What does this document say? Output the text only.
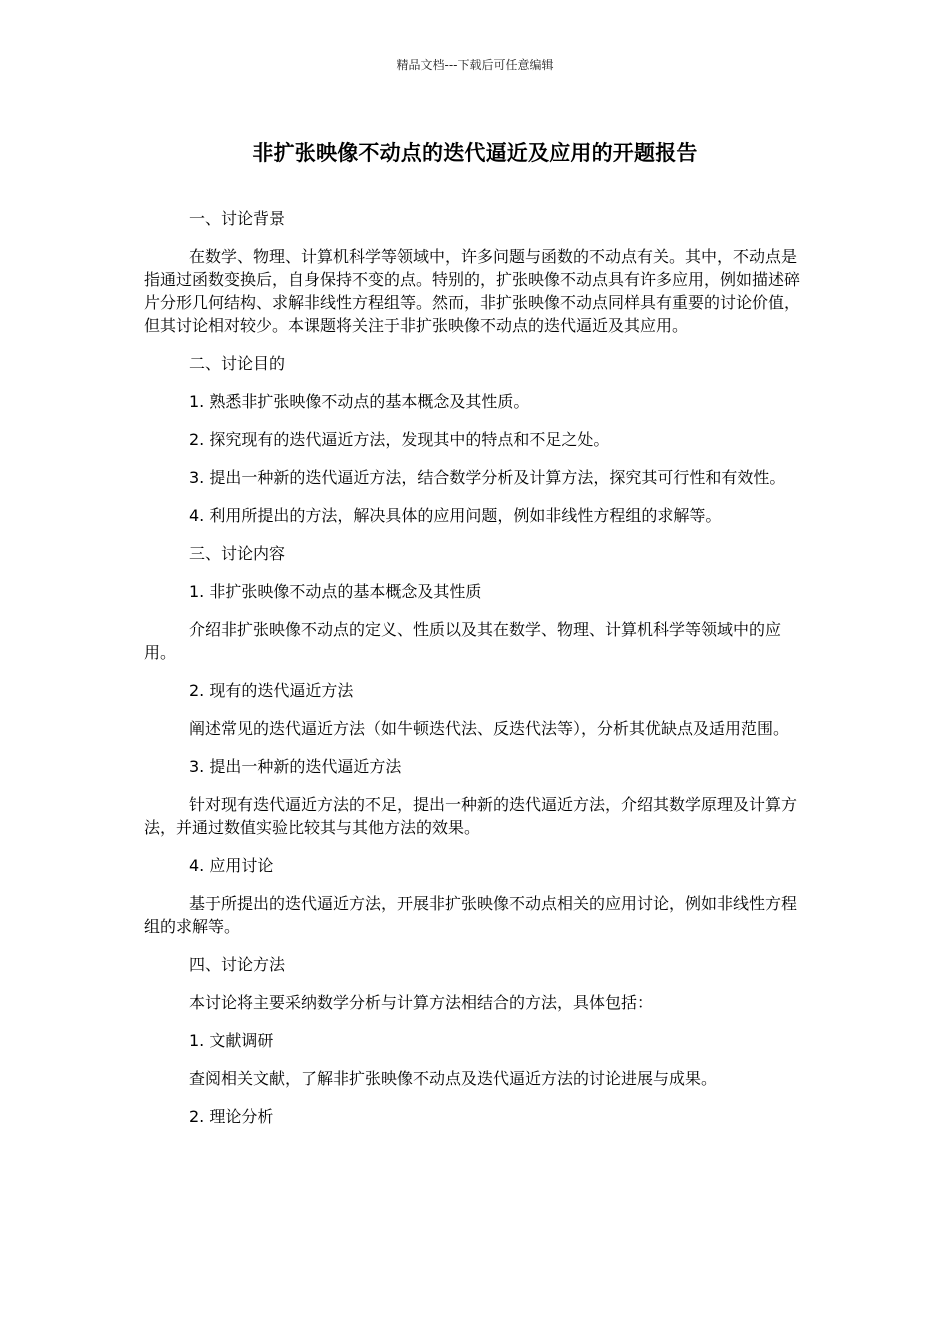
精品文档---下载后可任意编辑
非扩张映像不动点的迭代逼近及应用的开题报告

一、讨论背景

在数学、物理、计算机科学等领域中，许多问题与函数的不动点有关。其中，不动点是指通过函数变换后，自身保持不变的点。特别的，扩张映像不动点具有许多应用，例如描述碎片分形几何结构、求解非线性方程组等。然而，非扩张映像不动点同样具有重要的讨论价值，但其讨论相对较少。本课题将关注于非扩张映像不动点的迭代逼近及其应用。

二、讨论目的

1. 熟悉非扩张映像不动点的基本概念及其性质。

2. 探究现有的迭代逼近方法，发现其中的特点和不足之处。

3. 提出一种新的迭代逼近方法，结合数学分析及计算方法，探究其可行性和有效性。

4. 利用所提出的方法，解决具体的应用问题，例如非线性方程组的求解等。

三、讨论内容

1. 非扩张映像不动点的基本概念及其性质

介绍非扩张映像不动点的定义、性质以及其在数学、物理、计算机科学等领域中的应用。

2. 现有的迭代逼近方法

阐述常见的迭代逼近方法（如牛顿迭代法、反迭代法等），分析其优缺点及适用范围。

3. 提出一种新的迭代逼近方法

针对现有迭代逼近方法的不足，提出一种新的迭代逼近方法，介绍其数学原理及计算方法，并通过数值实验比较其与其他方法的效果。

4. 应用讨论

基于所提出的迭代逼近方法，开展非扩张映像不动点相关的应用讨论，例如非线性方程组的求解等。

四、讨论方法

本讨论将主要采纳数学分析与计算方法相结合的方法，具体包括：

1. 文献调研

查阅相关文献，了解非扩张映像不动点及迭代逼近方法的讨论进展与成果。

2. 理论分析
